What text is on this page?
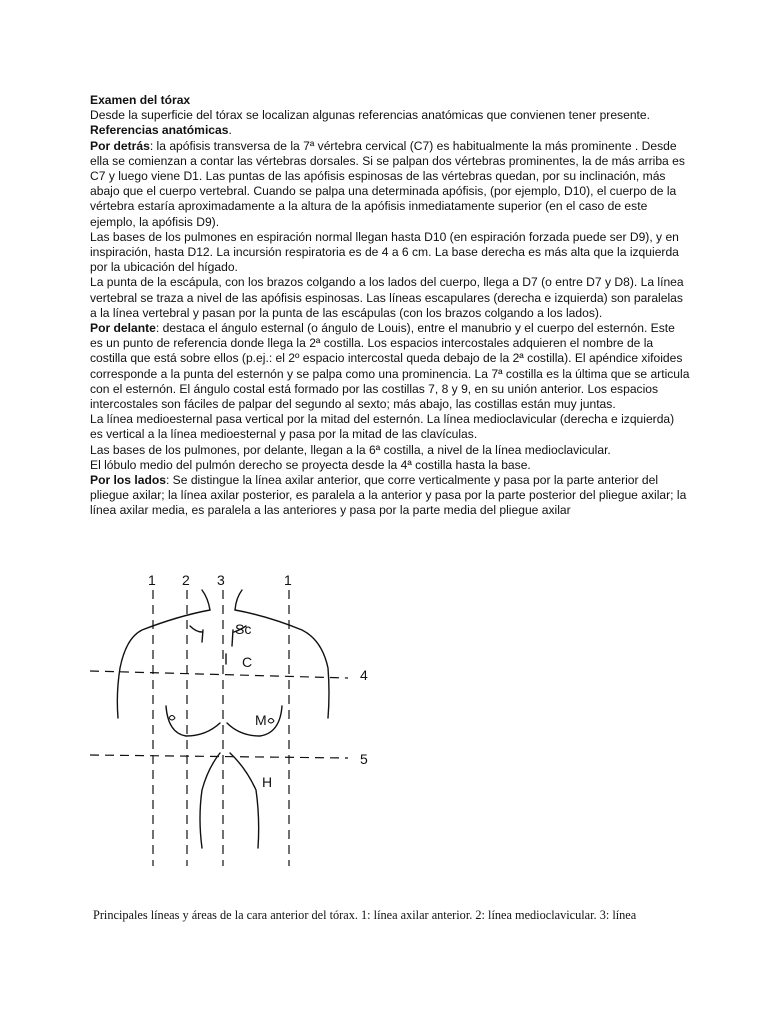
Examen del tórax

Desde la superficie del tórax se localizan algunas referencias anatómicas que convienen tener presente.

Referencias anatómicas.

Por detrás: la apófisis transversa de la 7ª vértebra cervical (C7) es habitualmente la más prominente . Desde ella se comienzan a contar las vértebras dorsales. Si se palpan dos vértebras prominentes, la de más arriba es C7 y luego viene D1. Las puntas de las apófisis espinosas de las vértebras quedan, por su inclinación, más abajo que el cuerpo vertebral. Cuando se palpa una determinada apófisis, (por ejemplo, D10), el cuerpo de la vértebra estaría aproximadamente a la altura de la apófisis inmediatamente superior (en el caso de este ejemplo, la apófisis D9).

Las bases de los pulmones en espiración normal llegan hasta D10 (en espiración forzada puede ser D9), y en inspiración, hasta D12. La incursión respiratoria es de 4 a 6 cm. La base derecha es más alta que la izquierda por la ubicación del hígado.

La punta de la escápula, con los brazos colgando a los lados del cuerpo, llega a D7 (o entre D7 y D8). La línea vertebral se traza a nivel de las apófisis espinosas. Las líneas escapulares (derecha e izquierda) son paralelas a la línea vertebral y pasan por la punta de las escápulas (con los brazos colgando a los lados).

Por delante: destaca el ángulo esternal (o ángulo de Louis), entre el manubrio y el cuerpo del esternón. Este es un punto de referencia donde llega la 2ª costilla. Los espacios intercostales adquieren el nombre de la costilla que está sobre ellos (p.ej.: el 2º espacio intercostal queda debajo de la 2ª costilla). El apéndice xifoides corresponde a la punta del esternón y se palpa como una prominencia. La 7ª costilla es la última que se articula con el esternón. El ángulo costal está formado por las costillas 7, 8 y 9, en su unión anterior. Los espacios intercostales son fáciles de palpar del segundo al sexto; más abajo, las costillas están muy juntas.

La línea medioesternal pasa vertical por la mitad del esternón. La línea medioclavicular (derecha e izquierda) es vertical a la línea medioesternal y pasa por la mitad de las clavículas.

Las bases de los pulmones, por delante, llegan a la 6ª costilla, a nivel de la línea medioclavicular.

El lóbulo medio del pulmón derecho se proyecta desde la 4ª costilla hasta la base.

Por los lados: Se distingue la línea axilar anterior, que corre verticalmente y pasa por la parte anterior del pliegue axilar; la línea axilar posterior, es paralela a la anterior y pasa por la parte posterior del pliegue axilar; la línea axilar media, es paralela a las anteriores y pasa por la parte media del pliegue axilar

1 2 3	1
4
5
Sc
C
M
H
Principales líneas y áreas de la cara anterior del tórax. 1: línea axilar anterior. 2: línea medioclavicular. 3: línea
